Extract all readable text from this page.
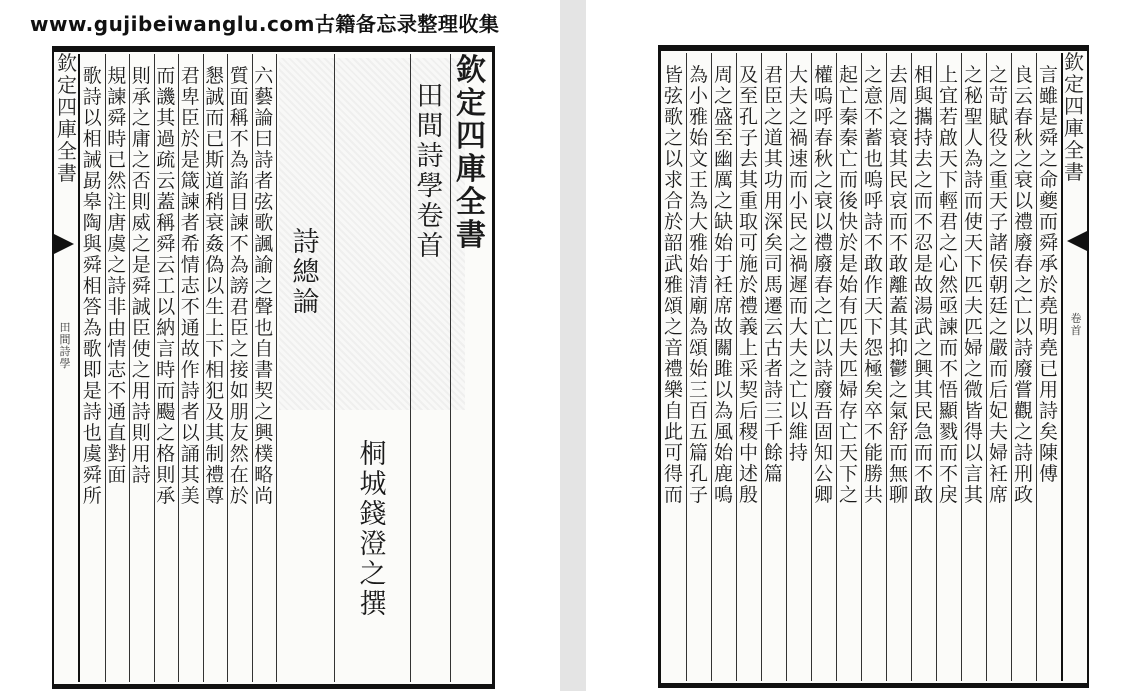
www.gujibeiwanglu.com古籍备忘录整理收集
欽
定
四
庫
全
書
田
間
詩
學
六
藝
論
曰
詩
者
弦
歌
諷
諭
之
聲
也
自
書
契
之
興
樸
略
尚
質
面
稱
不
為
諂
目
諫
不
為
謗
君
臣
之
接
如
朋
友
然
在
於
懇
誠
而
已
斯
道
稍
衰
姦
偽
以
生
上
下
相
犯
及
其
制
禮
尊
君
卑
臣
於
是
箴
諫
者
希
情
志
不
通
故
作
詩
者
以
誦
其
美
而
譏
其
過
疏
云
蓋
稱
舜
云
工
以
納
言
時
而
颺
之
格
則
承
則
承
之
庸
之
否
則
威
之
是
舜
誠
臣
使
之
用
詩
則
用
詩
規
諫
舜
時
已
然
注
唐
虞
之
詩
非
由
情
志
不
通
直
對
面
歌
詩
以
相
誡
勗
皋
陶
與
舜
相
答
為
歌
即
是
詩
也
虞
舜
所
詩
總
論
桐
城
錢
澄
之
撰
田
間
詩
學
卷
首
欽
定
四
庫
全
書
言
雖
是
舜
之
命
夔
而
舜
承
於
堯
明
堯
已
用
詩
矣
陳
傅
良
云
春
秋
之
衰
以
禮
廢
春
之
亡
以
詩
廢
嘗
觀
之
詩
刑
政
之
苛
賦
役
之
重
天
子
諸
侯
朝
廷
之
嚴
而
后
妃
夫
婦
衽
席
之
秘
聖
人
為
詩
而
使
天
下
匹
夫
匹
婦
之
微
皆
得
以
言
其
上
宜
若
啟
天
下
輕
君
之
心
然
亟
諫
而
不
悟
顯
戮
而
不
戾
相
與
攜
持
去
之
而
不
忍
是
故
湯
武
之
興
其
民
急
而
不
敢
去
周
之
衰
其
民
哀
而
不
敢
離
蓋
其
抑
鬱
之
氣
舒
而
無
聊
之
意
不
蓄
也
嗚
呼
詩
不
敢
作
天
下
怨
極
矣
卒
不
能
勝
共
起
亡
秦
秦
亡
而
後
快
於
是
始
有
匹
夫
匹
婦
存
亡
天
下
之
權
嗚
呼
春
秋
之
衰
以
禮
廢
春
之
亡
以
詩
廢
吾
固
知
公
卿
大
夫
之
禍
速
而
小
民
之
禍
遲
而
大
夫
之
亡
以
維
持
君
臣
之
道
其
功
用
深
矣
司
馬
遷
云
古
者
詩
三
千
餘
篇
及
至
孔
子
去
其
重
取
可
施
於
禮
義
上
采
契
后
稷
中
述
殷
周
之
盛
至
幽
厲
之
缺
始
于
衽
席
故
關
雎
以
為
風
始
鹿
鳴
為
小
雅
始
文
王
為
大
雅
始
清
廟
為
頌
始
三
百
五
篇
孔
子
皆
弦
歌
之
以
求
合
於
韶
武
雅
頌
之
音
禮
樂
自
此
可
得
而
欽
定
四
庫
全
書
卷
首
